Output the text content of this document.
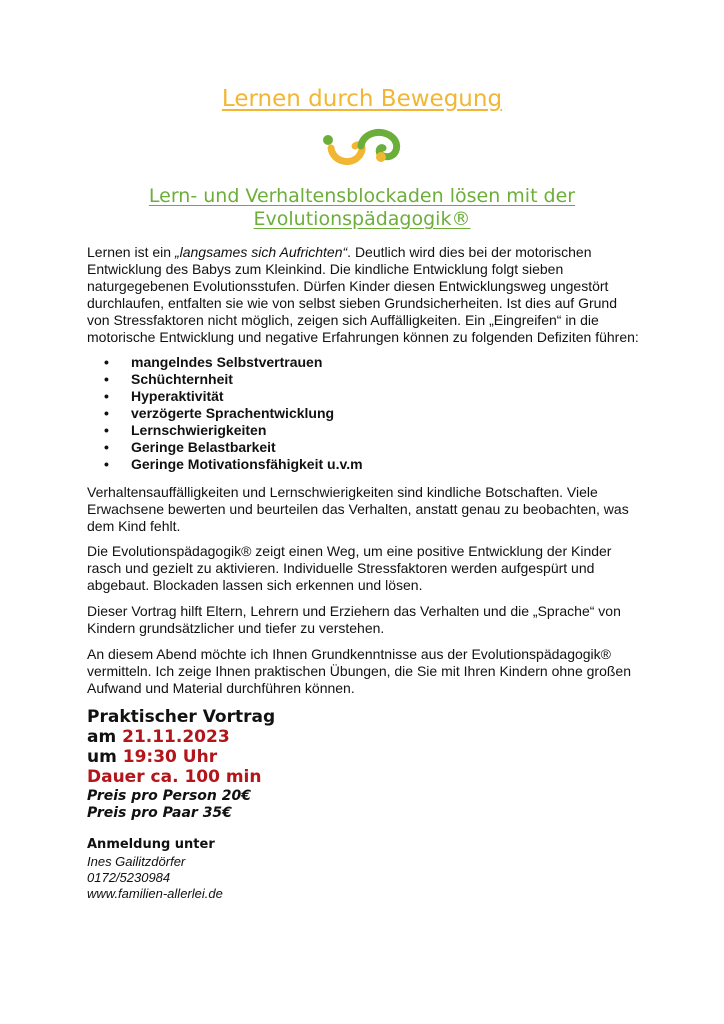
Lernen durch Bewegung
Lern- und Verhaltensblockaden lösen mit der
Evolutionspädagogik®

Lernen ist ein „langsames sich Aufrichten“. Deutlich wird dies bei der motorischen Entwicklung des Babys zum Kleinkind. Die kindliche Entwicklung folgt sieben naturgegebenen Evolutionsstufen. Dürfen Kinder diesen Entwicklungsweg ungestört durchlaufen, entfalten sie wie von selbst sieben Grundsicherheiten. Ist dies auf Grund von Stressfaktoren nicht möglich, zeigen sich Auffälligkeiten. Ein „Eingreifen“ in die motorische Entwicklung und negative Erfahrungen können zu folgenden Defiziten führen:

• mangelndes Selbstvertrauen
• Schüchternheit
• Hyperaktivität
• verzögerte Sprachentwicklung
• Lernschwierigkeiten
• Geringe Belastbarkeit
• Geringe Motivationsfähigkeit u.v.m

Verhaltensauffälligkeiten und Lernschwierigkeiten sind kindliche Botschaften. Viele Erwachsene bewerten und beurteilen das Verhalten, anstatt genau zu beobachten, was dem Kind fehlt.

Die Evolutionspädagogik® zeigt einen Weg, um eine positive Entwicklung der Kinder rasch und gezielt zu aktivieren. Individuelle Stressfaktoren werden aufgespürt und abgebaut. Blockaden lassen sich erkennen und lösen.

Dieser Vortrag hilft Eltern, Lehrern und Erziehern das Verhalten und die „Sprache“ von Kindern grundsätzlicher und tiefer zu verstehen.

An diesem Abend möchte ich Ihnen Grundkenntnisse aus der Evolutionspädagogik® vermitteln. Ich zeige Ihnen praktischen Übungen, die Sie mit Ihren Kindern ohne großen Aufwand und Material durchführen können.

Praktischer Vortrag
am 21.11.2023
um 19:30 Uhr
Dauer ca. 100 min
Preis pro Person 20€
Preis pro Paar 35€
Anmeldung unter
Ines Gailitzdörfer
0172/5230984
www.familien-allerlei.de
